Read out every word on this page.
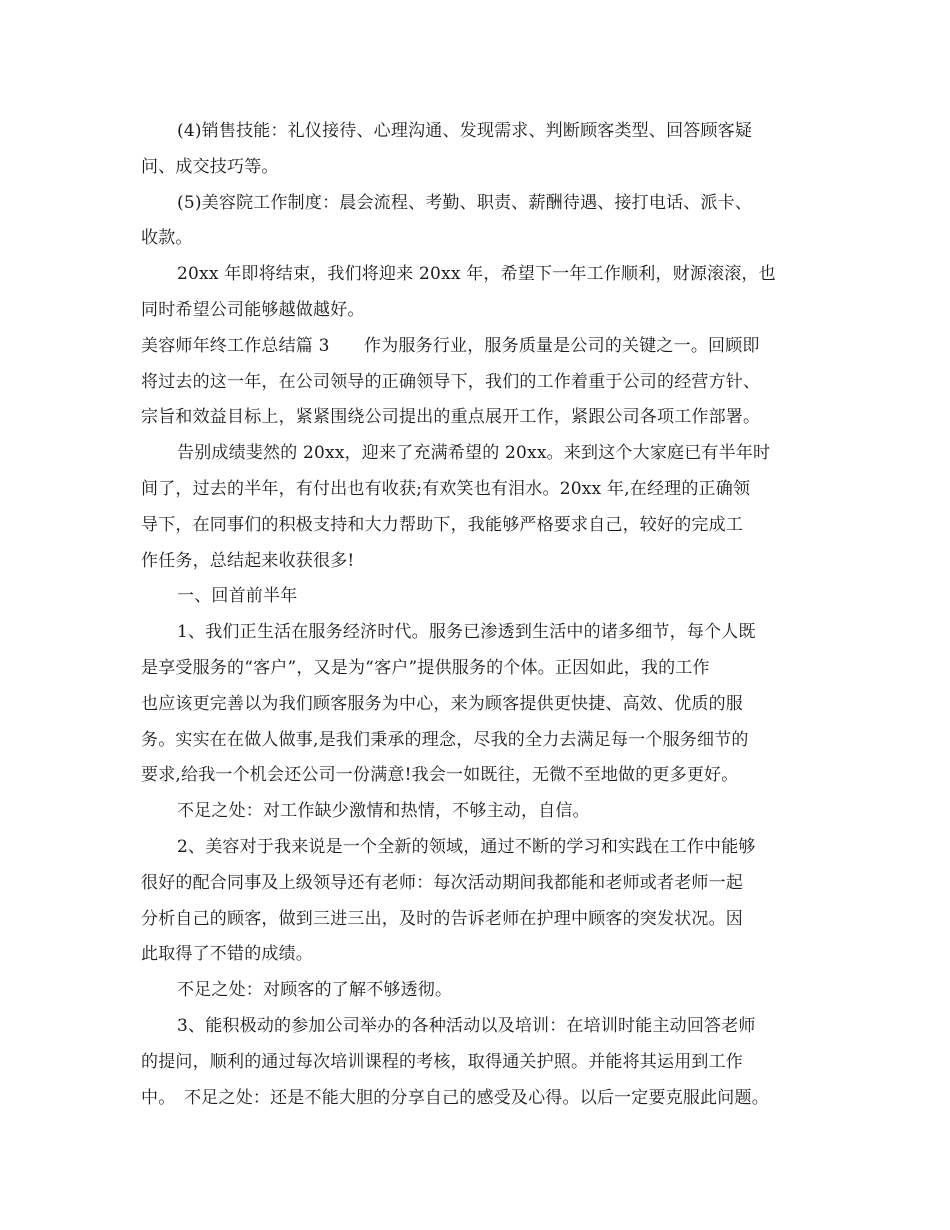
(4)销售技能：礼仪接待、心理沟通、发现需求、判断顾客类型、回答顾客疑
问、成交技巧等。
(5)美容院工作制度：晨会流程、考勤、职责、薪酬待遇、接打电话、派卡、
收款。
20xx 年即将结束，我们将迎来 20xx 年，希望下一年工作顺利，财源滚滚，也
同时希望公司能够越做越好。
美容师年终工作总结篇 3　　作为服务行业，服务质量是公司的关键之一。回顾即
将过去的这一年，在公司领导的正确领导下，我们的工作着重于公司的经营方针、
宗旨和效益目标上，紧紧围绕公司提出的重点展开工作，紧跟公司各项工作部署。
告别成绩斐然的 20xx，迎来了充满希望的 20xx。来到这个大家庭已有半年时
间了，过去的半年，有付出也有收获;有欢笑也有泪水。20xx 年,在经理的正确领
导下，在同事们的积极支持和大力帮助下，我能够严格要求自己，较好的完成工
作任务，总结起来收获很多!
一、回首前半年
1、我们正生活在服务经济时代。服务已渗透到生活中的诸多细节，每个人既
是享受服务的“客户”，又是为“客户”提供服务的个体。正因如此，我的工作
也应该更完善以为我们顾客服务为中心，来为顾客提供更快捷、高效、优质的服
务。实实在在做人做事,是我们秉承的理念，尽我的全力去满足每一个服务细节的
要求,给我一个机会还公司一份满意!我会一如既往，无微不至地做的更多更好。
不足之处：对工作缺少激情和热情，不够主动，自信。
2、美容对于我来说是一个全新的领域，通过不断的学习和实践在工作中能够
很好的配合同事及上级领导还有老师：每次活动期间我都能和老师或者老师一起
分析自己的顾客，做到三进三出，及时的告诉老师在护理中顾客的突发状况。因
此取得了不错的成绩。
不足之处：对顾客的了解不够透彻。
3、能积极动的参加公司举办的各种活动以及培训：在培训时能主动回答老师
的提问，顺利的通过每次培训课程的考核，取得通关护照。并能将其运用到工作
中。　不足之处：还是不能大胆的分享自己的感受及心得。以后一定要克服此问题。
